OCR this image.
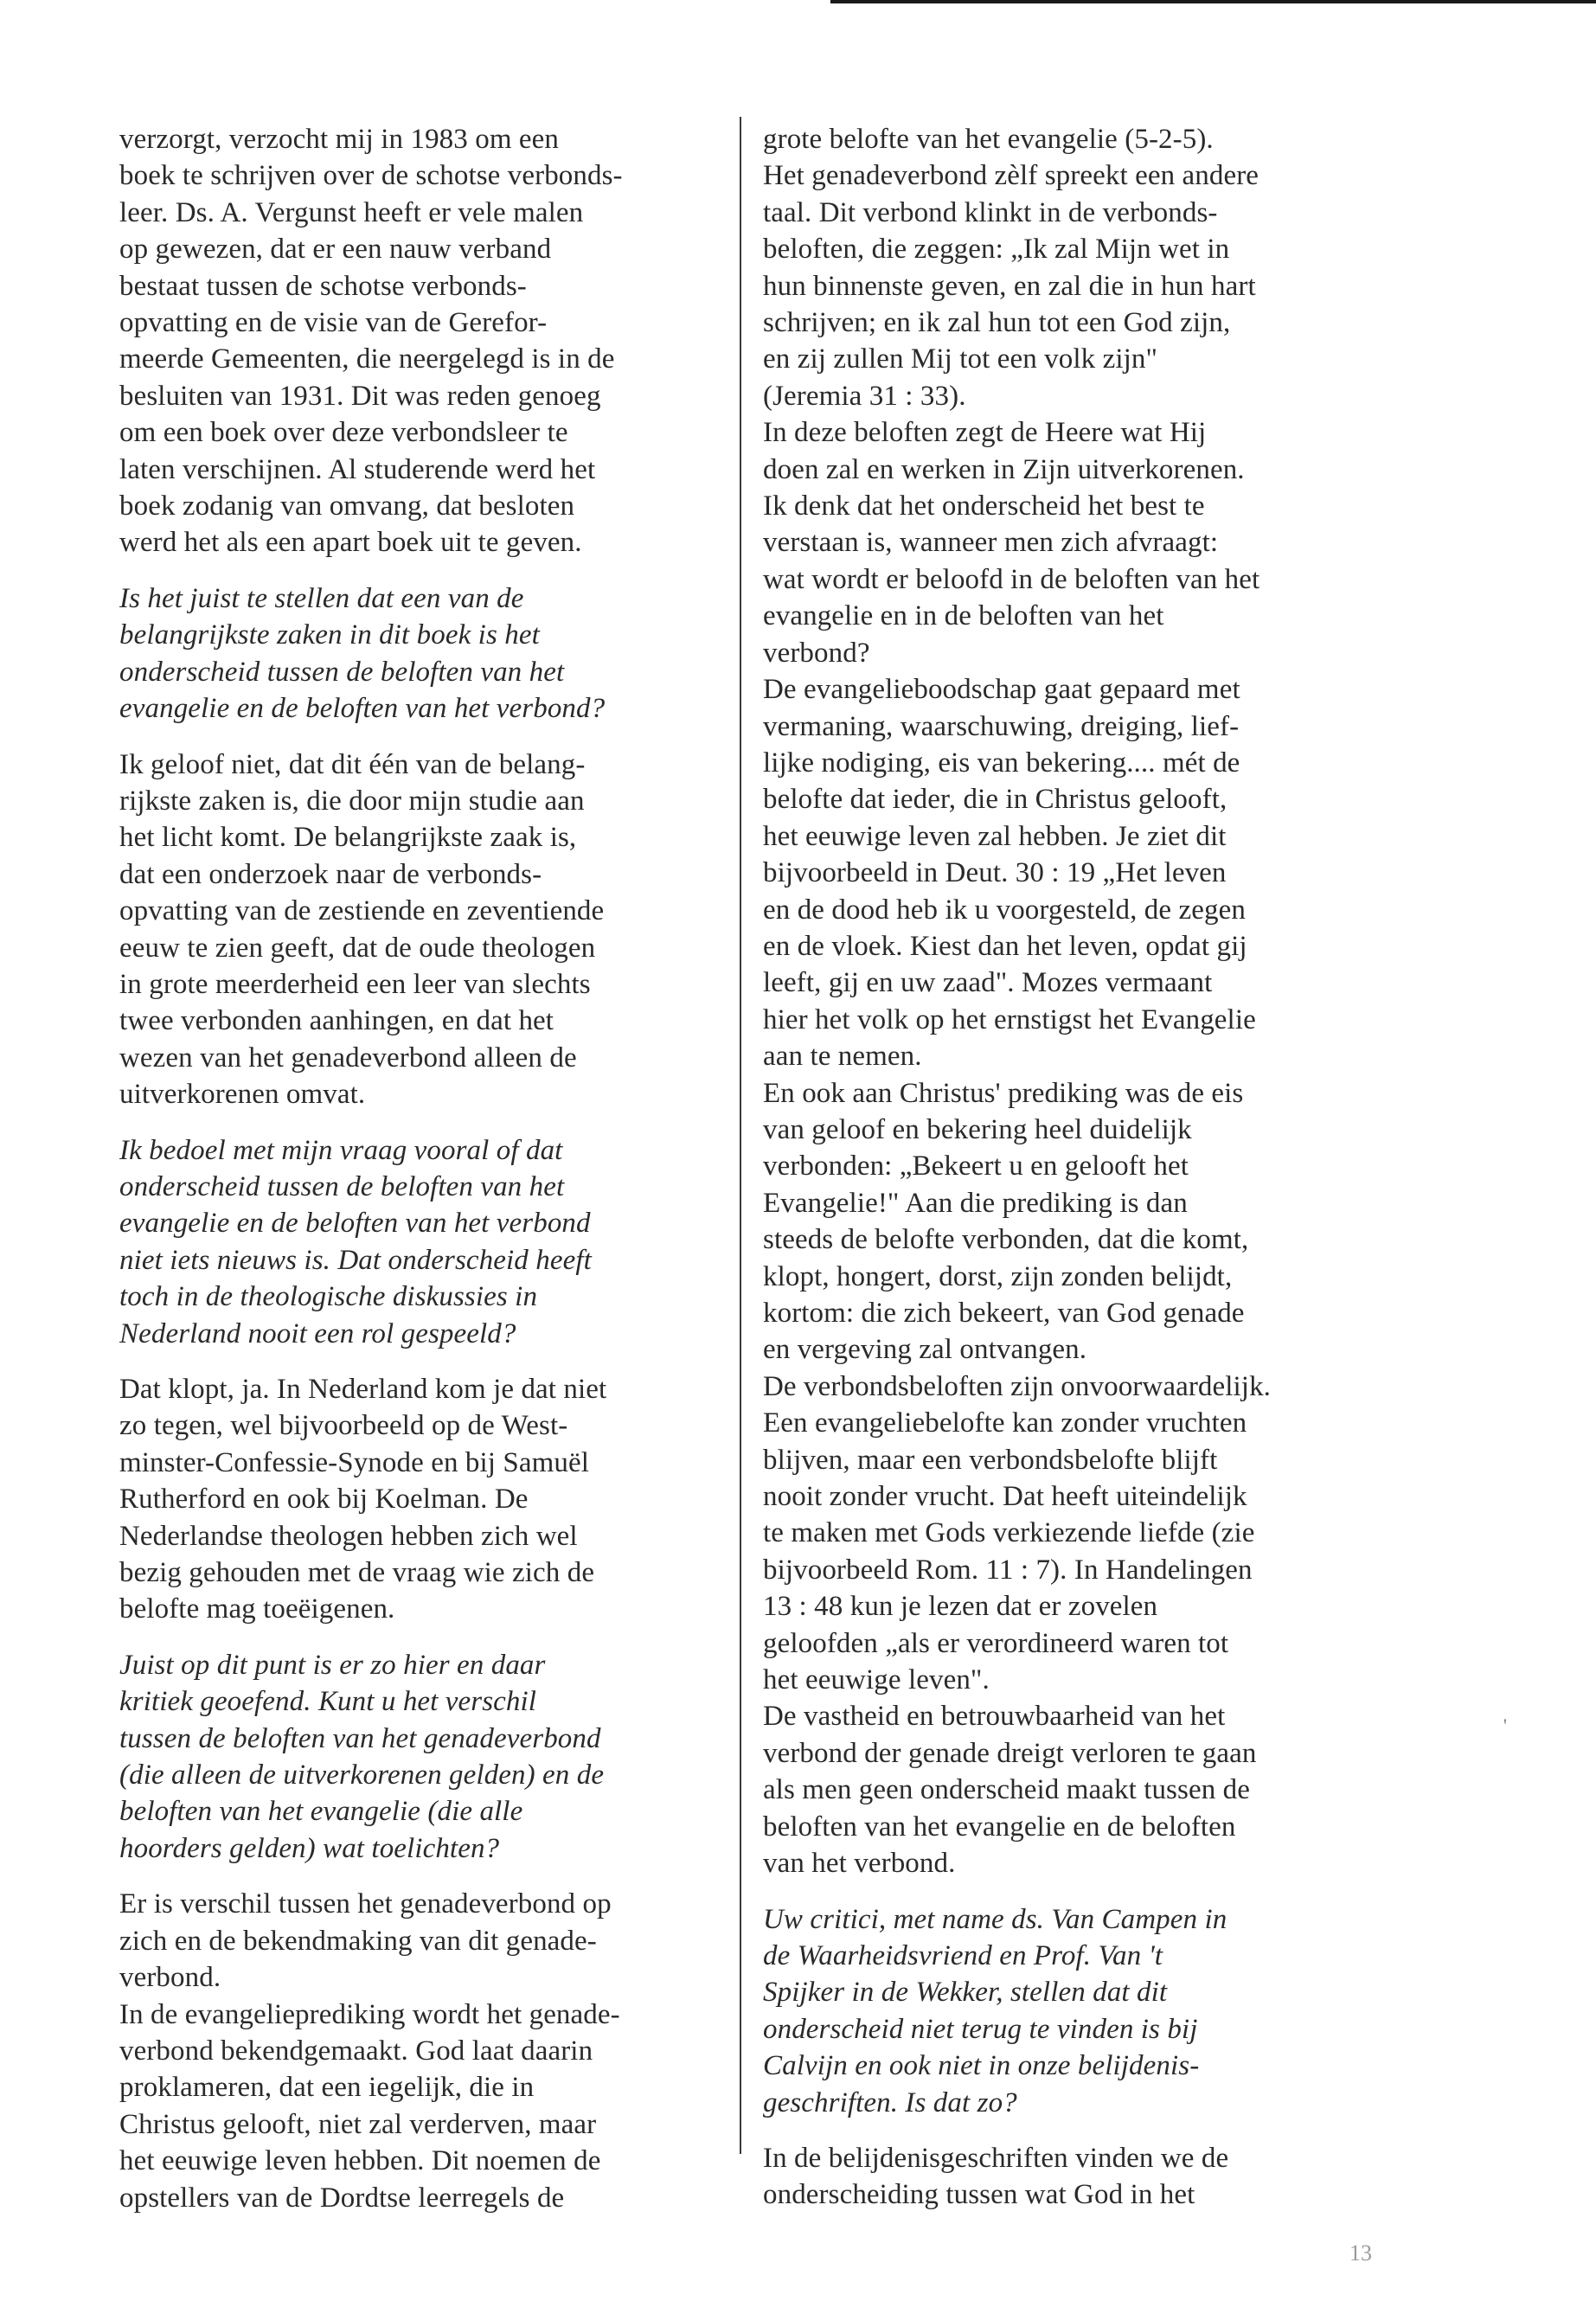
verzorgt, verzocht mij in 1983 om een
boek te schrijven over de schotse verbonds-
leer. Ds. A. Vergunst heeft er vele malen
op gewezen, dat er een nauw verband
bestaat tussen de schotse verbonds-
opvatting en de visie van de Gerefor-
meerde Gemeenten, die neergelegd is in de
besluiten van 1931. Dit was reden genoeg
om een boek over deze verbondsleer te
laten verschijnen. Al studerende werd het
boek zodanig van omvang, dat besloten
werd het als een apart boek uit te geven.
Is het juist te stellen dat een van de
belangrijkste zaken in dit boek is het
onderscheid tussen de beloften van het
evangelie en de beloften van het verbond?
Ik geloof niet, dat dit één van de belang-
rijkste zaken is, die door mijn studie aan
het licht komt. De belangrijkste zaak is,
dat een onderzoek naar de verbonds-
opvatting van de zestiende en zeventiende
eeuw te zien geeft, dat de oude theologen
in grote meerderheid een leer van slechts
twee verbonden aanhingen, en dat het
wezen van het genadeverbond alleen de
uitverkorenen omvat.
Ik bedoel met mijn vraag vooral of dat
onderscheid tussen de beloften van het
evangelie en de beloften van het verbond
niet iets nieuws is. Dat onderscheid heeft
toch in de theologische diskussies in
Nederland nooit een rol gespeeld?
Dat klopt, ja. In Nederland kom je dat niet
zo tegen, wel bijvoorbeeld op de West-
minster-Confessie-Synode en bij Samuël
Rutherford en ook bij Koelman. De
Nederlandse theologen hebben zich wel
bezig gehouden met de vraag wie zich de
belofte mag toeëigenen.
Juist op dit punt is er zo hier en daar
kritiek geoefend. Kunt u het verschil
tussen de beloften van het genadeverbond
(die alleen de uitverkorenen gelden) en de
beloften van het evangelie (die alle
hoorders gelden) wat toelichten?
Er is verschil tussen het genadeverbond op
zich en de bekendmaking van dit genade-
verbond.
In de evangelieprediking wordt het genade-
verbond bekendgemaakt. God laat daarin
proklameren, dat een iegelijk, die in
Christus gelooft, niet zal verderven, maar
het eeuwige leven hebben. Dit noemen de
opstellers van de Dordtse leerregels de
grote belofte van het evangelie (5-2-5).
Het genadeverbond zèlf spreekt een andere
taal. Dit verbond klinkt in de verbonds-
beloften, die zeggen: „Ik zal Mijn wet in
hun binnenste geven, en zal die in hun hart
schrijven; en ik zal hun tot een God zijn,
en zij zullen Mij tot een volk zijn"
(Jeremia 31 : 33).
In deze beloften zegt de Heere wat Hij
doen zal en werken in Zijn uitverkorenen.
Ik denk dat het onderscheid het best te
verstaan is, wanneer men zich afvraagt:
wat wordt er beloofd in de beloften van het
evangelie en in de beloften van het
verbond?
De evangelieboodschap gaat gepaard met
vermaning, waarschuwing, dreiging, lief-
lijke nodiging, eis van bekering.... mét de
belofte dat ieder, die in Christus gelooft,
het eeuwige leven zal hebben. Je ziet dit
bijvoorbeeld in Deut. 30 : 19 „Het leven
en de dood heb ik u voorgesteld, de zegen
en de vloek. Kiest dan het leven, opdat gij
leeft, gij en uw zaad". Mozes vermaant
hier het volk op het ernstigst het Evangelie
aan te nemen.
En ook aan Christus' prediking was de eis
van geloof en bekering heel duidelijk
verbonden: „Bekeert u en gelooft het
Evangelie!" Aan die prediking is dan
steeds de belofte verbonden, dat die komt,
klopt, hongert, dorst, zijn zonden belijdt,
kortom: die zich bekeert, van God genade
en vergeving zal ontvangen.
De verbondsbeloften zijn onvoorwaardelijk.
Een evangeliebelofte kan zonder vruchten
blijven, maar een verbondsbelofte blijft
nooit zonder vrucht. Dat heeft uiteindelijk
te maken met Gods verkiezende liefde (zie
bijvoorbeeld Rom. 11 : 7). In Handelingen
13 : 48 kun je lezen dat er zovelen
geloofden „als er verordineerd waren tot
het eeuwige leven".
De vastheid en betrouwbaarheid van het
verbond der genade dreigt verloren te gaan
als men geen onderscheid maakt tussen de
beloften van het evangelie en de beloften
van het verbond.
Uw critici, met name ds. Van Campen in
de Waarheidsvriend en Prof. Van 't
Spijker in de Wekker, stellen dat dit
onderscheid niet terug te vinden is bij
Calvijn en ook niet in onze belijdenis-
geschriften. Is dat zo?
In de belijdenisgeschriften vinden we de
onderscheiding tussen wat God in het
'
13
